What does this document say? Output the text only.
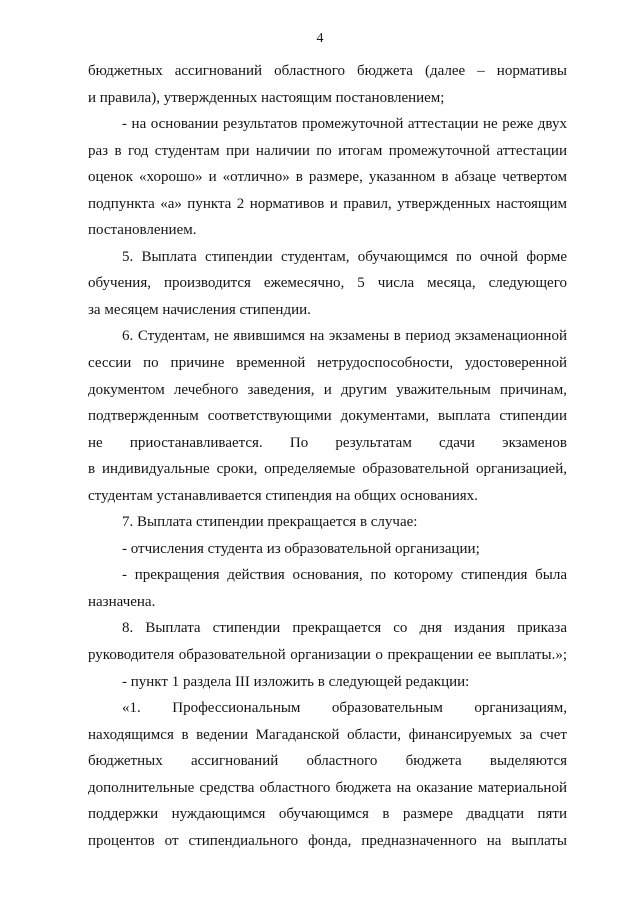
4
бюджетных ассигнований областного бюджета (далее – нормативы
и правила), утвержденных настоящим постановлением;
- на основании результатов промежуточной аттестации не реже двух
раз в год студентам при наличии по итогам промежуточной аттестации
оценок «хорошо» и «отлично» в размере, указанном в абзаце четвертом
подпункта «а» пункта 2 нормативов и правил, утвержденных настоящим
постановлением.
5. Выплата стипендии студентам, обучающимся по очной форме
обучения, производится ежемесячно, 5 числа месяца, следующего
за месяцем начисления стипендии.
6. Студентам, не явившимся на экзамены в период экзаменационной
сессии по причине временной нетрудоспособности, удостоверенной
документом лечебного заведения, и другим уважительным причинам,
подтвержденным соответствующими документами, выплата стипендии
не приостанавливается. По результатам сдачи экзаменов
в индивидуальные сроки, определяемые образовательной организацией,
студентам устанавливается стипендия на общих основаниях.
7. Выплата стипендии прекращается в случае:
- отчисления студента из образовательной организации;
- прекращения действия основания, по которому стипендия была
назначена.
8. Выплата стипендии прекращается со дня издания приказа
руководителя образовательной организации о прекращении ее выплаты.»;
- пункт 1 раздела III изложить в следующей редакции:
«1. Профессиональным образовательным организациям,
находящимся в ведении Магаданской области, финансируемых за счет
бюджетных ассигнований областного бюджета выделяются
дополнительные средства областного бюджета на оказание материальной
поддержки нуждающимся обучающимся в размере двадцати пяти
процентов от стипендиального фонда, предназначенного на выплаты
